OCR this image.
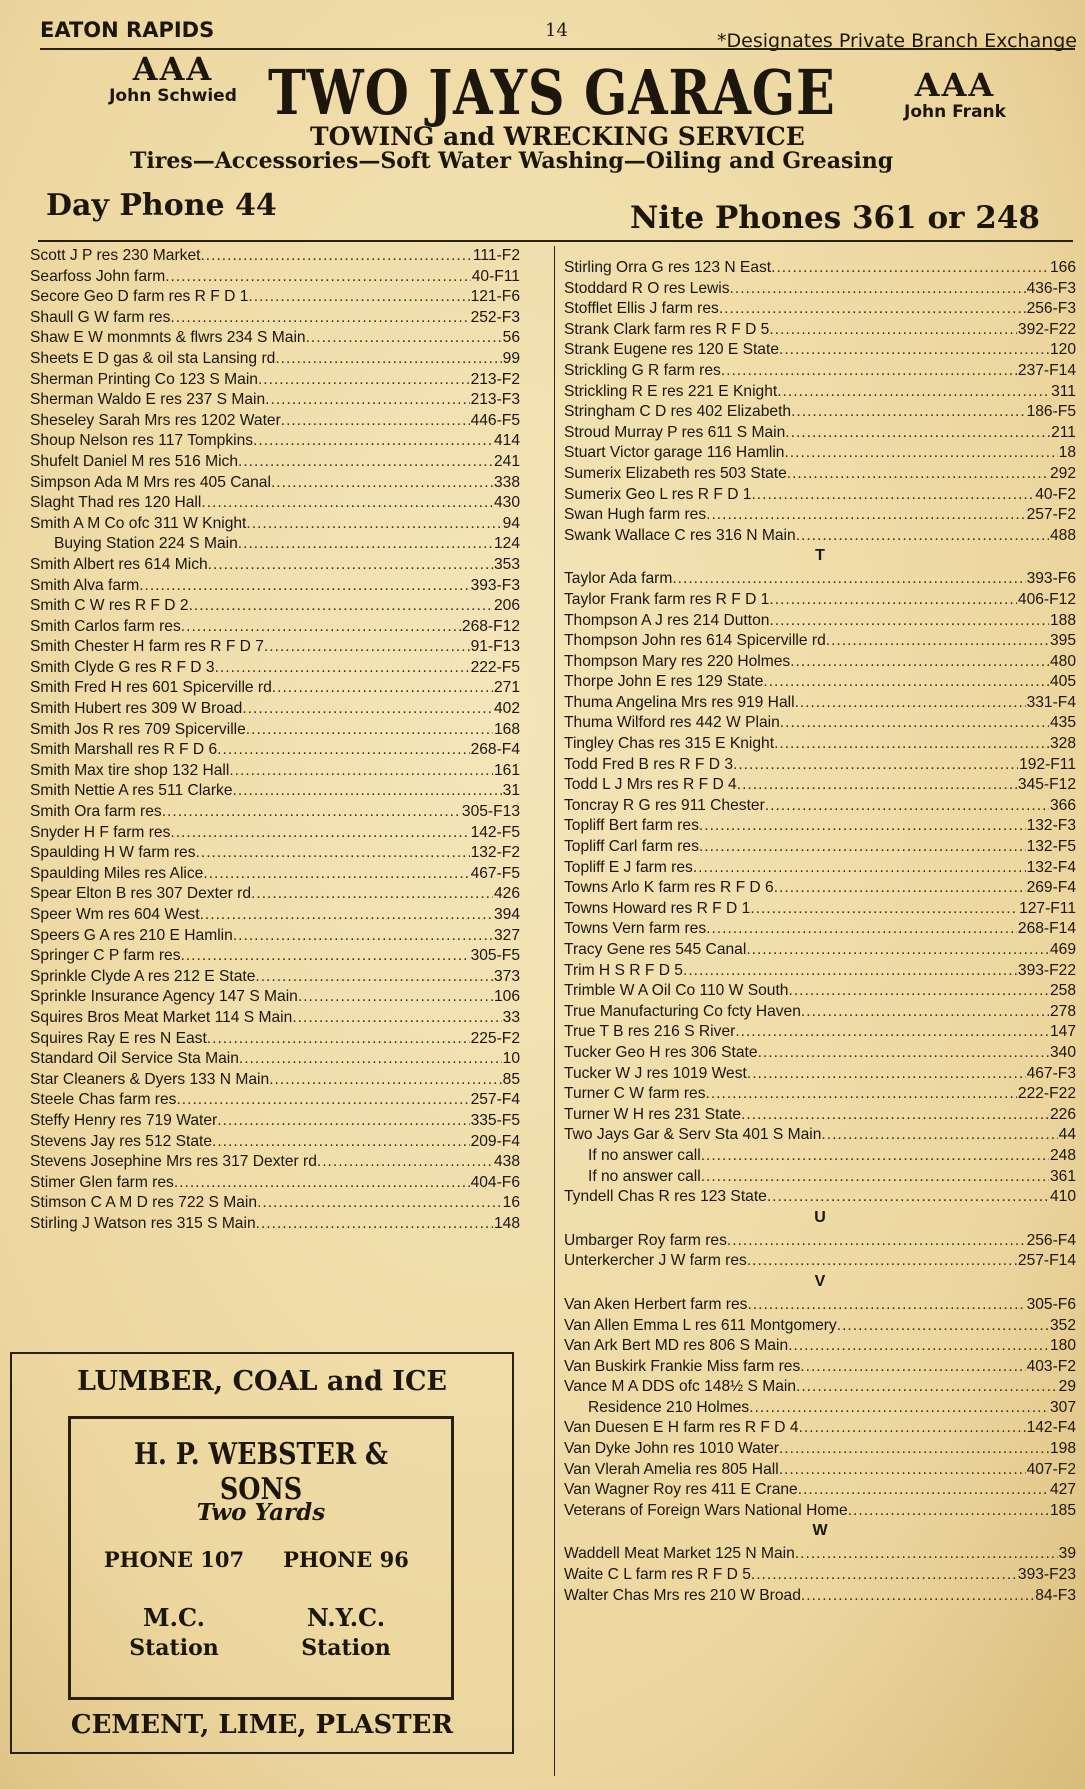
EATON RAPIDS	14	*Designates Private Branch Exchange
AAA
John Schwied TWO JAYS GARAGE	AAA
John Frank
TOWING and WRECKING SERVICE
Tires—Accessories—Soft Water Washing—Oiling and Greasing
Day Phone 44	Nite Phones 361 or 248
Scott J P res 230 Market .....	111-F2
Searfoss John farm .....	40-F11
Secore Geo D farm res R F D 1 .....	121-F6
Shaull G W farm res .....	252-F3
Shaw E W monmnts & flwrs 234 S Main .....	56
Sheets E D gas & oil sta Lansing rd .....	99
Sherman Printing Co 123 S Main .....	213-F2
Sherman Waldo E res 237 S Main .....	213-F3
Sheseley Sarah Mrs res 1202 Water .....	446-F5
Shoup Nelson res 117 Tompkins .....	414
Shufelt Daniel M res 516 Mich .....	241
Simpson Ada M Mrs res 405 Canal .....	338
Slaght Thad res 120 Hall .....	430
Smith A M Co ofc 311 W Knight .....	94
Buying Station 224 S Main .....	124
Smith Albert res 614 Mich .....	353
Smith Alva farm .....	393-F3
Smith C W res R F D 2 .....	206
Smith Carlos farm res .....	268-F12
Smith Chester H farm res R F D 7 .....	91-F13
Smith Clyde G res R F D 3 .....	222-F5
Smith Fred H res 601 Spicerville rd .....	271
Smith Hubert res 309 W Broad .....	402
Smith Jos R res 709 Spicerville .....	168
Smith Marshall res R F D 6 .....	268-F4
Smith Max tire shop 132 Hall .....	161
Smith Nettie A res 511 Clarke .....	31
Smith Ora farm res .....	305-F13
Snyder H F farm res .....	142-F5
Spaulding H W farm res .....	132-F2
Spaulding Miles res Alice .....	467-F5
Spear Elton B res 307 Dexter rd .....	426
Speer Wm res 604 West .....	394
Speers G A res 210 E Hamlin .....	327
Springer C P farm res .....	305-F5
Sprinkle Clyde A res 212 E State .....	373
Sprinkle Insurance Agency 147 S Main .....	106
Squires Bros Meat Market 114 S Main .....	33
Squires Ray E res N East .....	225-F2
Standard Oil Service Sta Main .....	10
Star Cleaners & Dyers 133 N Main .....	85
Steele Chas farm res .....	257-F4
Steffy Henry res 719 Water .....	335-F5
Stevens Jay res 512 State .....	209-F4
Stevens Josephine Mrs res 317 Dexter rd .....	438
Stimer Glen farm res .....	404-F6
Stimson C A M D res 722 S Main .....	16
Stirling J Watson res 315 S Main .....	148
Stirling Orra G res 123 N East .....	166
Stoddard R O res Lewis .....	436-F3
Stofflet Ellis J farm res .....	256-F3
Strank Clark farm res R F D 5 .....	392-F22
Strank Eugene res 120 E State .....	120
Strickling G R farm res .....	237-F14
Strickling R E res 221 E Knight .....	311
Stringham C D res 402 Elizabeth .....	186-F5
Stroud Murray P res 611 S Main .....	211
Stuart Victor garage 116 Hamlin .....	18
Sumerix Elizabeth res 503 State .....	292
Sumerix Geo L res R F D 1 .....	40-F2
Swan Hugh farm res .....	257-F2
Swank Wallace C res 316 N Main .....	488
T
Taylor Ada farm .....	393-F6
Taylor Frank farm res R F D 1 .....	406-F12
Thompson A J res 214 Dutton .....	188
Thompson John res 614 Spicerville rd .....	395
Thompson Mary res 220 Holmes .....	480
Thorpe John E res 129 State .....	405
Thuma Angelina Mrs res 919 Hall .....	331-F4
Thuma Wilford res 442 W Plain .....	435
Tingley Chas res 315 E Knight .....	328
Todd Fred B res R F D 3 .....	192-F11
Todd L J Mrs res R F D 4 .....	345-F12
Toncray R G res 911 Chester .....	366
Topliff Bert farm res .....	132-F3
Topliff Carl farm res .....	132-F5
Topliff E J farm res .....	132-F4
Towns Arlo K farm res R F D 6 .....	269-F4
Towns Howard res R F D 1 .....	127-F11
Towns Vern farm res .....	268-F14
Tracy Gene res 545 Canal .....	469
Trim H S R F D 5 .....	393-F22
Trimble W A Oil Co 110 W South .....	258
True Manufacturing Co fcty Haven .....	278
True T B res 216 S River .....	147
Tucker Geo H res 306 State .....	340
Tucker W J res 1019 West .....	467-F3
Turner C W farm res .....	222-F22
Turner W H res 231 State .....	226
Two Jays Gar & Serv Sta 401 S Main .....	44
If no answer call .....	248
If no answer call .....	361
Tyndell Chas R res 123 State .....	410
U
Umbarger Roy farm res .....	256-F4
Unterkercher J W farm res .....	257-F14
V
Van Aken Herbert farm res .....	305-F6
Van Allen Emma L res 611 Montgomery .....	352
Van Ark Bert MD res 806 S Main .....	180
Van Buskirk Frankie Miss farm res .....	403-F2
Vance M A DDS ofc 148½ S Main .....	29
Residence 210 Holmes .....	307
Van Duesen E H farm res R F D 4 .....	142-F4
Van Dyke John res 1010 Water .....	198
Van Vlerah Amelia res 805 Hall .....	407-F2
Van Wagner Roy res 411 E Crane .....	427
Veterans of Foreign Wars National Home .....	185
W
Waddell Meat Market 125 N Main .....	39
Waite C L farm res R F D 5 .....	393-F23
Walter Chas Mrs res 210 W Broad .....	84-F3
LUMBER, COAL and ICE
H. P. WEBSTER & SONS
Two Yards
PHONE 107	PHONE 96
M.C.	N.Y.C.
Station	Station
CEMENT, LIME, PLASTER
